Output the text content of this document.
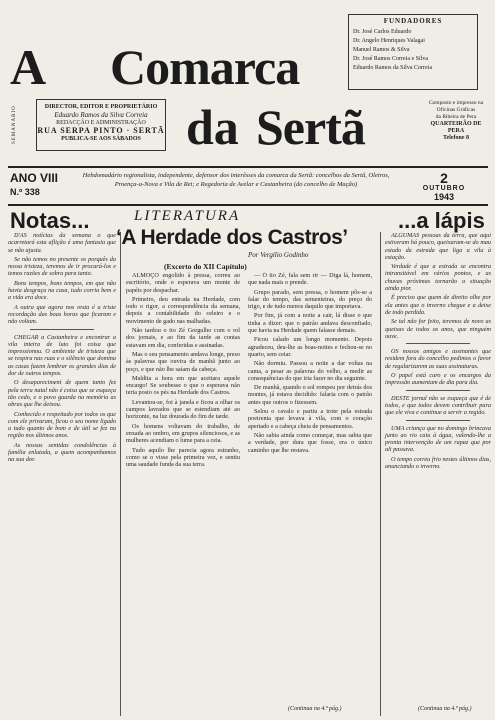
A Comarca
da Sertã
FUNDADORES
Dr. José Carlos Eduardo
Dr. Angelo Henriques Valagai
Manuel Ramos & Silva
Dr. José Ramos Correia e Silva
Eduardo Ramos da Silva Correia
SEMANÁRIO	DIRECTOR, EDITOR E PROPRIETÁRIO
Eduardo Ramos da Silva Correia
REDACÇÃO E ADMINISTRAÇÃO
RUA SERPA PINTO · SERTÃ
PUBLICA-SE AOS SÁBADOS
Composto e impresso na
Oficinas Gráficas
da Ribeira de Pera
QUARTEIRÃO DE PERA
Telefone 8
ANO VIII
N.º 338
Hebdomadário regionalista, independente, defensor dos interêsses da comarca da Sertã: concelhos da Sertã, Oleiros, Proença-a-Nova e Vila de Rei; e Regedoria de Avelar e Castanheira (do concelho de Mação)	2
OUTUBRO
1943
Notas...	LITERATURA	...a lápis
‘A Herdade dos Castros’
Por Vergílio Godinho
(Excerto do XII Capítulo)

D'AS notícias da semana o que acarretará esta aflição é uma fantasia que se não ajusta.

Se não temos no presente os porquês da nossa tristeza, teremos de ir procurá-los e temos razões de sobra para tanto.

Bons tempos, bons tempos, em que não havia desgraça na casa, tudo corria bem e a vida era doce.

A outra que agora nos resta é a triste recordação das boas horas que ficaram e não voltam.

CHEGAR a Castanheira e encontrar a vila inteira de luto foi coisa que impressionou. O ambiente de tristeza que se respira nas ruas e o silêncio que domina as casas fazem lembrar os grandes dias de dor de outros tempos.

O desapareciment de quem tanto fez pela terra natal não é coisa que se esqueça tão cedo, e o povo guarda na memória as obras que lhe deixou.

Conhecido e respeitado por todos os que com ele privaram, ficou o seu nome ligado a tudo quanto de bom e de útil se fez na região nos últimos anos.

As nossas sentidas condolências à família enlutada, a quem acompanhamos na sua dor.

ALMOÇO engolido à pressa, correu ao escritório, onde o esperava um monte de papéis por despachar.

Primeiro, deu entrada na Herdade, com todo o rigor, a correspondência da semana, depois a contabilidade do celeiro e o movimento de gado nas malhadas.

Não tardou o tio Zé Gorgulho com o rol dos jornais, e ao fim da tarde as contas estavam em dia, conferidas e assinadas.

Mas o seu pensamento andava longe, preso às palavras que ouvira de manhã junto ao poço, e que não lhe saíam da cabeça.

Maldita a hora em que aceitara aquele encargo! Se soubesse o que o esperava não teria posto os pés na Herdade dos Castros.

Levantou-se, foi à janela e ficou a olhar os campos lavrados que se estendiam até ao horizonte, na luz dourada do fim de tarde.

Os homens voltavam do trabalho, de enxada ao ombro, em grupos silenciosos, e as mulheres acendiam o lume para a ceia.

Tudo aquilo lhe parecia agora estranho, como se o visse pela primeira vez, e sentiu uma saudade funda da sua terra.

— Ó tio Zé, fala sem rir — Diga lá, homem, que nada mais o prende.

Grupo parado, sem pressa, o homem pôs-se a falar do tempo, das sementeiras, do preço do trigo, e de tudo menos daquilo que importava.

Por fim, já com a noite a cair, lá disse o que tinha a dizer: que o patrão andava desconfiado, que havia na Herdade quem falasse demais.

Ficou calado um longo momento. Depois agradeceu, deu-lhe as boas-noites e fechou-se no quarto, sem ceiar.

Não dormiu. Passou a noite a dar voltas na cama, a pesar as palavras do velho, a medir as consequências do que iria fazer no dia seguinte.

De manhã, quando o sol rompeu por detrás dos montes, já estava decidido: falaria com o patrão antes que outros o fizessem.

Selou o cavalo e partiu a trote pela estrada poeirenta que levava à vila, com o coração apertado e a cabeça cheia de pensamentos.

Não sabia ainda como começar, mas sabia que a verdade, por dura que fosse, era o único caminho que lhe restava.

ALGUMAS pessoas da terra, que aqui estiveram há pouco, queixaram-se do mau estado da estrada que liga a vila à estação.

Verdade é que a estrada se encontra intransitável em vários pontos, e as chuvas próximas tornarão a situação ainda pior.

É preciso que quem de direito olhe por ela antes que o inverno chegue e a deixe de todo perdida.

Se tal não for feito, teremos de novo as queixas de todos os anos, que ninguém ouve.

OS nossos amigos e assinantes que residem fora do concelho pedimos o favor de regularizarem as suas assinaturas.

O papel está caro e os encargos da impressão aumentam de dia para dia.

DESTE jornal não se esqueça que é de todos, e que todos devem contribuir para que ele viva e continue a servir a região.

UMA criança que no domingo brincava junto ao rio caiu à água, valendo-lhe a pronta intervenção de um rapaz que por ali passava.

O tempo correu frio nestes últimos dias, anunciando o inverno.

(Continua na 4.ª pág.)	(Continua na 4.ª pág.)
